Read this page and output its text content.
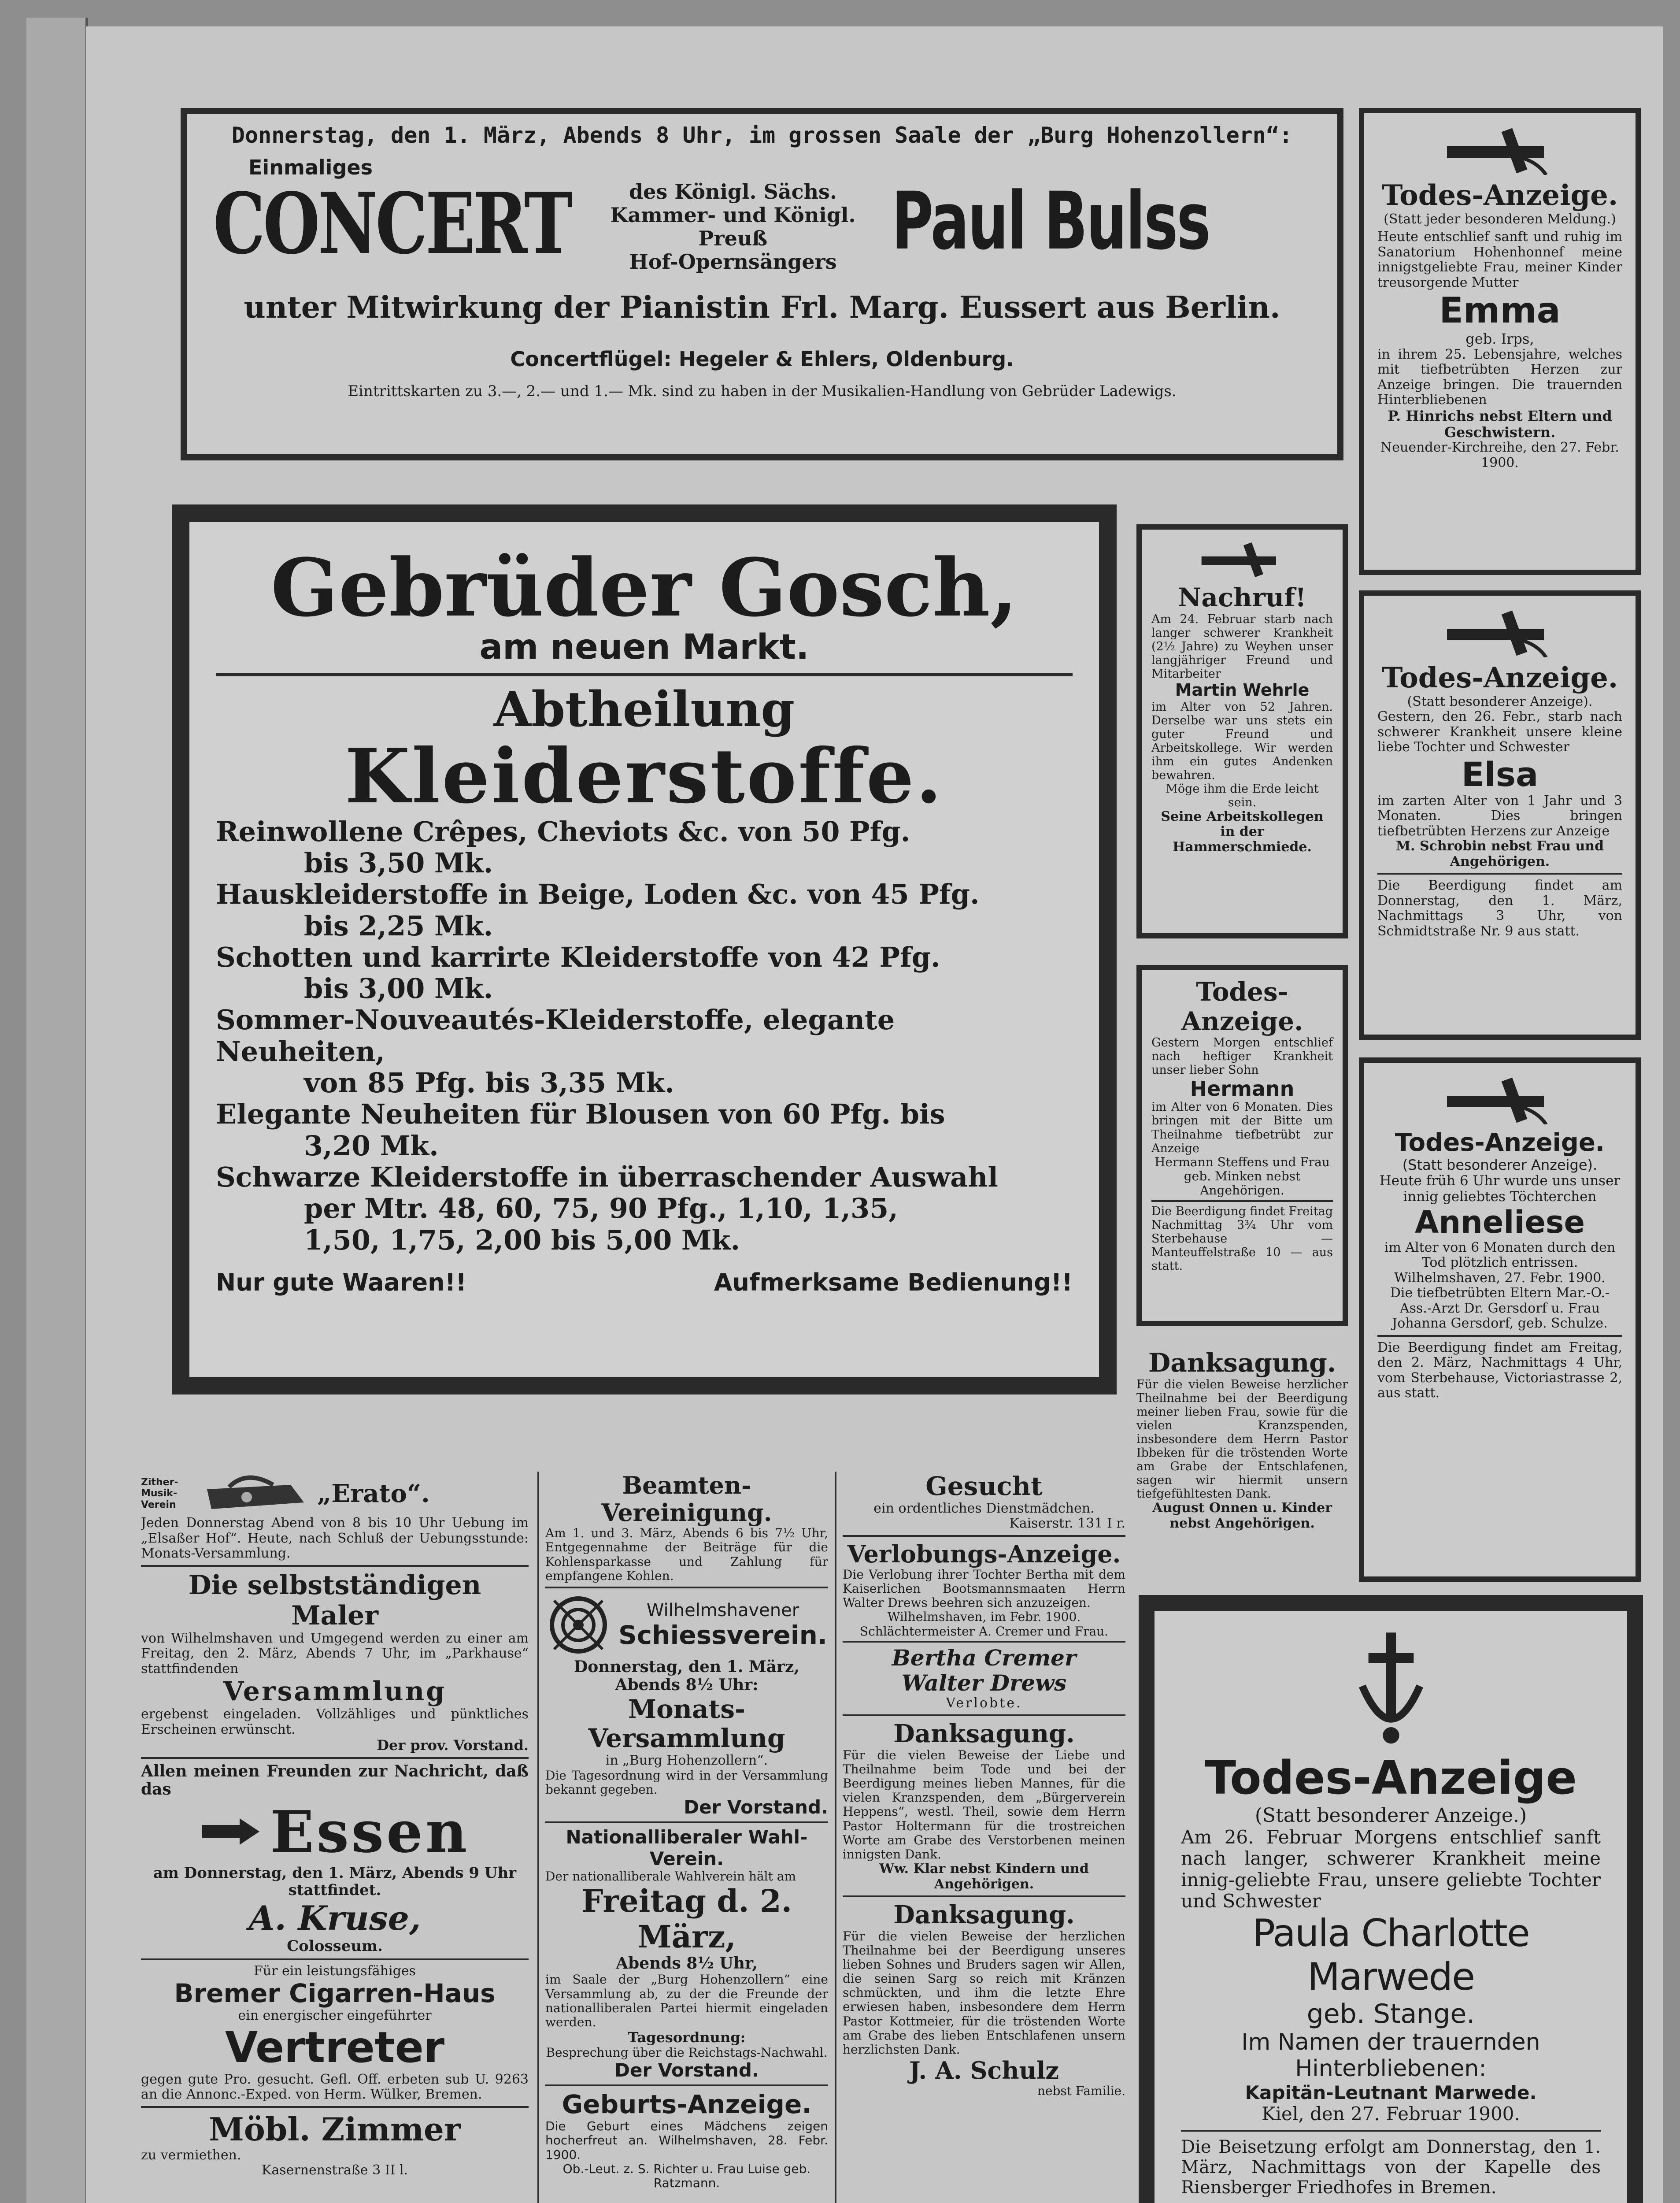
Donnerstag, den 1. März, Abends 8 Uhr, im grossen Saale der „Burg Hohenzollern“:
Einmaliges
CONCERT	des Königl. Sächs.
Kammer- und Königl. Preuß
Hof-Opernsängers Paul Bulss
unter Mitwirkung der Pianistin Frl. Marg. Eussert aus Berlin.
Concertflügel: Hegeler & Ehlers, Oldenburg.
Eintrittskarten zu 3.—, 2.— und 1.— Mk. sind zu haben in der Musikalien-Handlung von Gebrüder Ladewigs.
Todes-Anzeige.
(Statt jeder besonderen Meldung.)
Heute entschlief sanft und ruhig im Sanatorium Hohenhonnef meine innigstgeliebte Frau, meiner Kinder treusorgende Mutter
Emma
geb. Irps,
in ihrem 25. Lebensjahre, welches mit tiefbetrübten Herzen zur Anzeige bringen. Die trauernden Hinterbliebenen
P. Hinrichs nebst Eltern und Geschwistern.
Neuender-Kirchreihe, den 27. Febr. 1900.
Gebrüder Gosch,
am neuen Markt.
Abtheilung
Kleiderstoffe.
Reinwollene Crêpes, Cheviots &c. von 50 Pfg.
bis 3,50 Mk.
Hauskleiderstoffe in Beige, Loden &c. von 45 Pfg.
bis 2,25 Mk.
Schotten und karrirte Kleiderstoffe von 42 Pfg.
bis 3,00 Mk.
Sommer-Nouveautés-Kleiderstoffe, elegante Neuheiten,
von 85 Pfg. bis 3,35 Mk.
Elegante Neuheiten für Blousen von 60 Pfg. bis
3,20 Mk.
Schwarze Kleiderstoffe in überraschender Auswahl
per Mtr. 48, 60, 75, 90 Pfg., 1,10, 1,35,
1,50, 1,75, 2,00 bis 5,00 Mk.
Nur gute Waaren!!	Aufmerksame Bedienung!!
Nachruf!
Am 24. Februar starb nach langer schwerer Krankheit (2½ Jahre) zu Weyhen unser langjähriger Freund und Mitarbeiter
Martin Wehrle
im Alter von 52 Jahren. Derselbe war uns stets ein guter Freund und Arbeitskollege. Wir werden ihm ein gutes Andenken bewahren.
Möge ihm die Erde leicht sein.
Seine Arbeitskollegen in der Hammerschmiede.
Todes-Anzeige.
(Statt besonderer Anzeige).
Gestern, den 26. Febr., starb nach schwerer Krankheit unsere kleine liebe Tochter und Schwester
Elsa
im zarten Alter von 1 Jahr und 3 Monaten. Dies bringen tiefbetrübten Herzens zur Anzeige
M. Schrobin nebst Frau und Angehörigen.
Die Beerdigung findet am Donnerstag, den 1. März, Nachmittags 3 Uhr, von Schmidtstraße Nr. 9 aus statt.
Todes-Anzeige.
Gestern Morgen entschlief nach heftiger Krankheit unser lieber Sohn
Hermann
im Alter von 6 Monaten. Dies bringen mit der Bitte um Theilnahme tiefbetrübt zur Anzeige
Hermann Steffens und Frau geb. Minken nebst Angehörigen.
Die Beerdigung findet Freitag Nachmittag 3¾ Uhr vom Sterbehause — Manteuffelstraße 10 — aus statt.
Danksagung.
Für die vielen Beweise herzlicher Theilnahme bei der Beerdigung meiner lieben Frau, sowie für die vielen Kranzspenden, insbesondere dem Herrn Pastor Ibbeken für die tröstenden Worte am Grabe der Entschlafenen, sagen wir hiermit unsern tiefgefühltesten Dank.
August Onnen u. Kinder nebst Angehörigen.
Todes-Anzeige.
(Statt besonderer Anzeige).
Heute früh 6 Uhr wurde uns unser innig geliebtes Töchterchen
Anneliese
im Alter von 6 Monaten durch den Tod plötzlich entrissen.
Wilhelmshaven, 27. Febr. 1900.
Die tiefbetrübten Eltern Mar.-O.-Ass.-Arzt Dr. Gersdorf u. Frau Johanna Gersdorf, geb. Schulze.
Die Beerdigung findet am Freitag, den 2. März, Nachmittags 4 Uhr, vom Sterbehause, Victoriastrasse 2, aus statt.
Zither-Musik-Verein	„Erato“.
Jeden Donnerstag Abend von 8 bis 10 Uhr Uebung im „Elsaßer Hof“. Heute, nach Schluß der Uebungsstunde: Monats-Versammlung.
Die selbstständigen Maler
von Wilhelmshaven und Umgegend werden zu einer am Freitag, den 2. März, Abends 7 Uhr, im „Parkhause“ stattfindenden
Versammlung
ergebenst eingeladen. Vollzähliges und pünktliches Erscheinen erwünscht.
Der prov. Vorstand.
Allen meinen Freunden zur Nachricht, daß das
Essen
am Donnerstag, den 1. März, Abends 9 Uhr stattfindet.
A. Kruse,
Colosseum.
Für ein leistungsfähiges
Bremer Cigarren-Haus
ein energischer eingeführter
Vertreter
gegen gute Pro. gesucht. Gefl. Off. erbeten sub U. 9263 an die Annonc.-Exped. von Herm. Wülker, Bremen.
Möbl. Zimmer
zu vermiethen.
Kasernenstraße 3 II l.
Beamten-Vereinigung.
Am 1. und 3. März, Abends 6 bis 7½ Uhr, Entgegennahme der Beiträge für die Kohlensparkasse und Zahlung für empfangene Kohlen.
Wilhelmshavener
Schiessverein.
Donnerstag, den 1. März, Abends 8½ Uhr:
Monats-Versammlung
in „Burg Hohenzollern“.
Die Tagesordnung wird in der Versammlung bekannt gegeben.
Der Vorstand.
Nationalliberaler Wahl-Verein.
Der nationalliberale Wahlverein hält am
Freitag d. 2. März,
Abends 8½ Uhr,
im Saale der „Burg Hohenzollern“ eine Versammlung ab, zu der die Freunde der nationalliberalen Partei hiermit eingeladen werden.
Tagesordnung:
Besprechung über die Reichstags-Nachwahl.
Der Vorstand.
Geburts-Anzeige.
Die Geburt eines Mädchens zeigen hocherfreut an. Wilhelmshaven, 28. Febr. 1900.
Ob.-Leut. z. S. Richter u. Frau Luise geb. Ratzmann.
Gesucht
ein ordentliches Dienstmädchen.
Kaiserstr. 131 I r.
Verlobungs-Anzeige.
Die Verlobung ihrer Tochter Bertha mit dem Kaiserlichen Bootsmannsmaaten Herrn Walter Drews beehren sich anzuzeigen.
Wilhelmshaven, im Febr. 1900.
Schlächtermeister A. Cremer und Frau.
Bertha Cremer
Walter Drews
Verlobte.
Danksagung.
Für die vielen Beweise der Liebe und Theilnahme beim Tode und bei der Beerdigung meines lieben Mannes, für die vielen Kranzspenden, dem „Bürgerverein Heppens“, westl. Theil, sowie dem Herrn Pastor Holtermann für die trostreichen Worte am Grabe des Verstorbenen meinen innigsten Dank.
Ww. Klar nebst Kindern und Angehörigen.
Danksagung.
Für die vielen Beweise der herzlichen Theilnahme bei der Beerdigung unseres lieben Sohnes und Bruders sagen wir Allen, die seinen Sarg so reich mit Kränzen schmückten, und ihm die letzte Ehre erwiesen haben, insbesondere dem Herrn Pastor Kottmeier, für die tröstenden Worte am Grabe des lieben Entschlafenen unsern herzlichsten Dank.
J. A. Schulz
nebst Familie.
Todes-Anzeige
(Statt besonderer Anzeige.)
Am 26. Februar Morgens entschlief sanft nach langer, schwerer Krankheit meine innig-geliebte Frau, unsere geliebte Tochter und Schwester
Paula Charlotte Marwede
geb. Stange.
Im Namen der trauernden Hinterbliebenen:
Kapitän-Leutnant Marwede.
Kiel, den 27. Februar 1900.
Die Beisetzung erfolgt am Donnerstag, den 1. März, Nachmittags von der Kapelle des Riensberger Friedhofes in Bremen.
